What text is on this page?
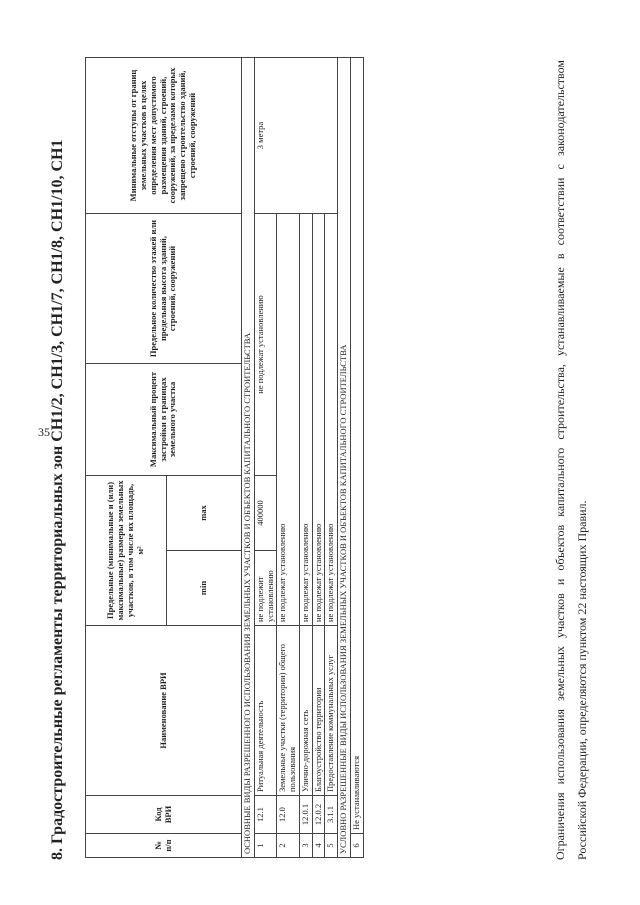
35 8. Градостроительные регламенты территориальных зон СН1/2, СН1/3, СН1/7, СН1/8, СН1/10, СН1	№ п/п	Код ВРИ	Наименование ВРИ	Предельные (минимальные и (или) максимальные) размеры земельных участков, в том числе их площадь, м²		Максимальный процент застройки в границах земельного участка	Предельное количество этажей или предельная высота зданий, строений, сооружений	Минимальные отступы от границ земельных участков в целях определения мест допустимого размещения зданий, строений, сооружений, за пределами которых запрещено строительство зданий, строений, сооружений
			min	max			
ОСНОВНЫЕ ВИДЫ РАЗРЕШЕННОГО ИСПОЛЬЗОВАНИЯ ЗЕМЕЛЬНЫХ УЧАСТКОВ И ОБЪЕКТОВ КАПИТАЛЬНОГО СТРОИТЕЛЬСТВА							
1	12.1	Ритуальная деятельность	не подлежит установлению	400000	не подлежат установлению		3 метра
2	12.0	Земельные участки (территории) общего пользования	не подлежат установлению				
3	12.0.1	Улично-дорожная сеть	не подлежат установлению				
4	12.0.2	Благоустройство территории	не подлежат установлению				
5	3.1.1	Предоставление коммунальных услуг	не подлежат установлению				
УСЛОВНО РАЗРЕШЕННЫЕ ВИДЫ ИСПОЛЬЗОВАНИЯ ЗЕМЕЛЬНЫХ УЧАСТКОВ И ОБЪЕКТОВ КАПИТАЛЬНОГО СТРОИТЕЛЬСТВА							
6	Не устанавливаются							Ограничения использования земельных участков и объектов капитального строительства, устанавливаемые в соответствии с законодательством Российской Федерации, определяются пунктом 22 настоящих Правил.
